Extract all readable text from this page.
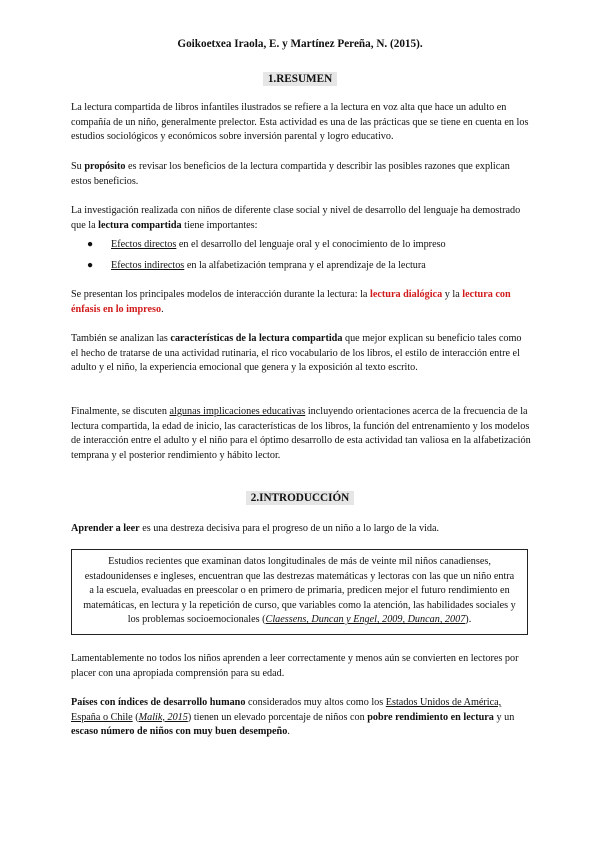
Goikoetxea Iraola, E. y Martínez Pereña, N. (2015).
1.RESUMEN

La lectura compartida de libros infantiles ilustrados se refiere a la lectura en voz alta que hace un adulto en compañía de un niño, generalmente prelector. Esta actividad es una de las prácticas que se tiene en cuenta en los estudios sociológicos y económicos sobre inversión parental y logro educativo.

Su propósito es revisar los beneficios de la lectura compartida y describir las posibles razones que explican estos beneficios.

La investigación realizada con niños de diferente clase social y nivel de desarrollo del lenguaje ha demostrado que la lectura compartida tiene importantes:

● Efectos directos en el desarrollo del lenguaje oral y el conocimiento de lo impreso
● Efectos indirectos en la alfabetización temprana y el aprendizaje de la lectura

Se presentan los principales modelos de interacción durante la lectura: la lectura dialógica y la lectura con énfasis en lo impreso.

También se analizan las características de la lectura compartida que mejor explican su beneficio tales como el hecho de tratarse de una actividad rutinaria, el rico vocabulario de los libros, el estilo de interacción entre el adulto y el niño, la experiencia emocional que genera y la exposición al texto escrito.

Finalmente, se discuten algunas implicaciones educativas incluyendo orientaciones acerca de la frecuencia de la lectura compartida, la edad de inicio, las características de los libros, la función del entrenamiento y los modelos de interacción entre el adulto y el niño para el óptimo desarrollo de esta actividad tan valiosa en la alfabetización temprana y el posterior rendimiento y hábito lector.

2.INTRODUCCIÓN

Aprender a leer es una destreza decisiva para el progreso de un niño a lo largo de la vida.

Estudios recientes que examinan datos longitudinales de más de veinte mil niños canadienses, estadounidenses e ingleses, encuentran que las destrezas matemáticas y lectoras con las que un niño entra a la escuela, evaluadas en preescolar o en primero de primaria, predicen mejor el futuro rendimiento en matemáticas, en lectura y la repetición de curso, que variables como la atención, las habilidades sociales y los problemas socioemocionales (Claessens, Duncan y Engel, 2009, Duncan, 2007).

Lamentablemente no todos los niños aprenden a leer correctamente y menos aún se convierten en lectores por placer con una apropiada comprensión para su edad.

Países con índices de desarrollo humano considerados muy altos como los Estados Unidos de América, España o Chile (Malik, 2015) tienen un elevado porcentaje de niños con pobre rendimiento en lectura y un escaso número de niños con muy buen desempeño.
